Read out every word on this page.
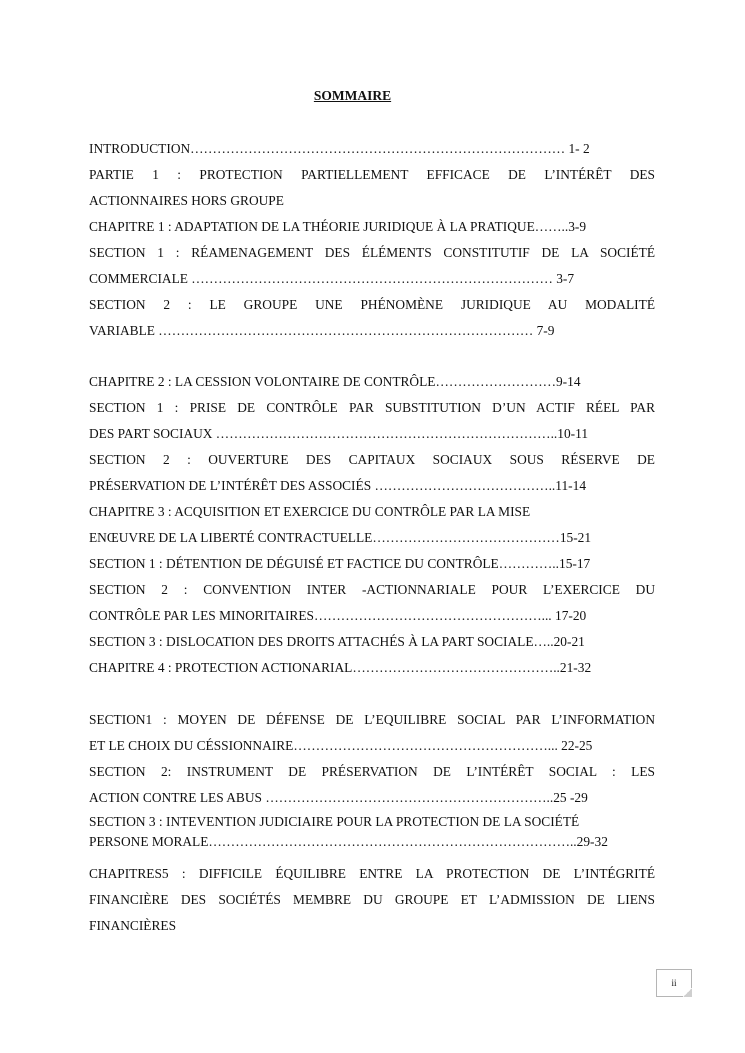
SOMMAIRE
INTRODUCTION………………………………………………………………………… 1- 2
PARTIE 1 : PROTECTION PARTIELLEMENT EFFICACE DE L’INTÉRÊT DES
ACTIONNAIRES HORS GROUPE
CHAPITRE 1 : ADAPTATION DE LA THÉORIE JURIDIQUE À LA PRATIQUE……..3-9
SECTION 1 : RÉAMENAGEMENT DES ÉLÉMENTS CONSTITUTIF DE LA SOCIÉTÉ
COMMERCIALE ……………………………………………………………………… 3-7
SECTION 2 : LE GROUPE UNE PHÉNOMÈNE JURIDIQUE AU MODALITÉ
VARIABLE ………………………………………………………………………… 7-9
CHAPITRE 2 : LA CESSION VOLONTAIRE DE CONTRÔLE………………………9-14
SECTION 1 : PRISE DE CONTRÔLE PAR SUBSTITUTION D’UN ACTIF RÉEL PAR
DES PART SOCIAUX …………………………………………………………………..10-11
SECTION 2 : OUVERTURE DES CAPITAUX SOCIAUX SOUS RÉSERVE DE
PRÉSERVATION DE L’INTÉRÊT DES ASSOCIÉS …………………………………..11-14
CHAPITRE 3 : ACQUISITION ET EXERCICE DU CONTRÔLE PAR LA MISE
ENŒUVRE DE LA LIBERTÉ CONTRACTUELLE……………………………………15-21
SECTION 1 : DÉTENTION DE DÉGUISÉ ET FACTICE DU CONTRÔLE…………..15-17
SECTION 2 : CONVENTION INTER -ACTIONNARIALE POUR L’EXERCICE DU
CONTRÔLE PAR LES MINORITAIRES……………………………………………... 17-20
SECTION 3 : DISLOCATION DES DROITS ATTACHÉS À LA PART SOCIALE…..20-21
CHAPITRE 4 : PROTECTION ACTIONARIAL………………………………………..21-32
SECTION1 : MOYEN DE DÉFENSE DE L’EQUILIBRE SOCIAL PAR L’INFORMATION
ET LE CHOIX DU CÉSSIONNAIRE…………………………………………………... 22-25
SECTION 2: INSTRUMENT DE PRÉSERVATION DE L’INTÉRÊT SOCIAL : LES
ACTION CONTRE LES ABUS ………………………………………………………..25 -29
SECTION 3 : INTEVENTION JUDICIAIRE POUR LA PROTECTION DE LA SOCIÉTÉ
PERSONE MORALE………………………………………………………………………..29-32
CHAPITRES5 : DIFFICILE ÉQUILIBRE ENTRE LA PROTECTION DE L’INTÉGRITÉ
FINANCIÈRE DES SOCIÉTÉS MEMBRE DU GROUPE ET L’ADMISSION DE LIENS
FINANCIÈRES
ii
